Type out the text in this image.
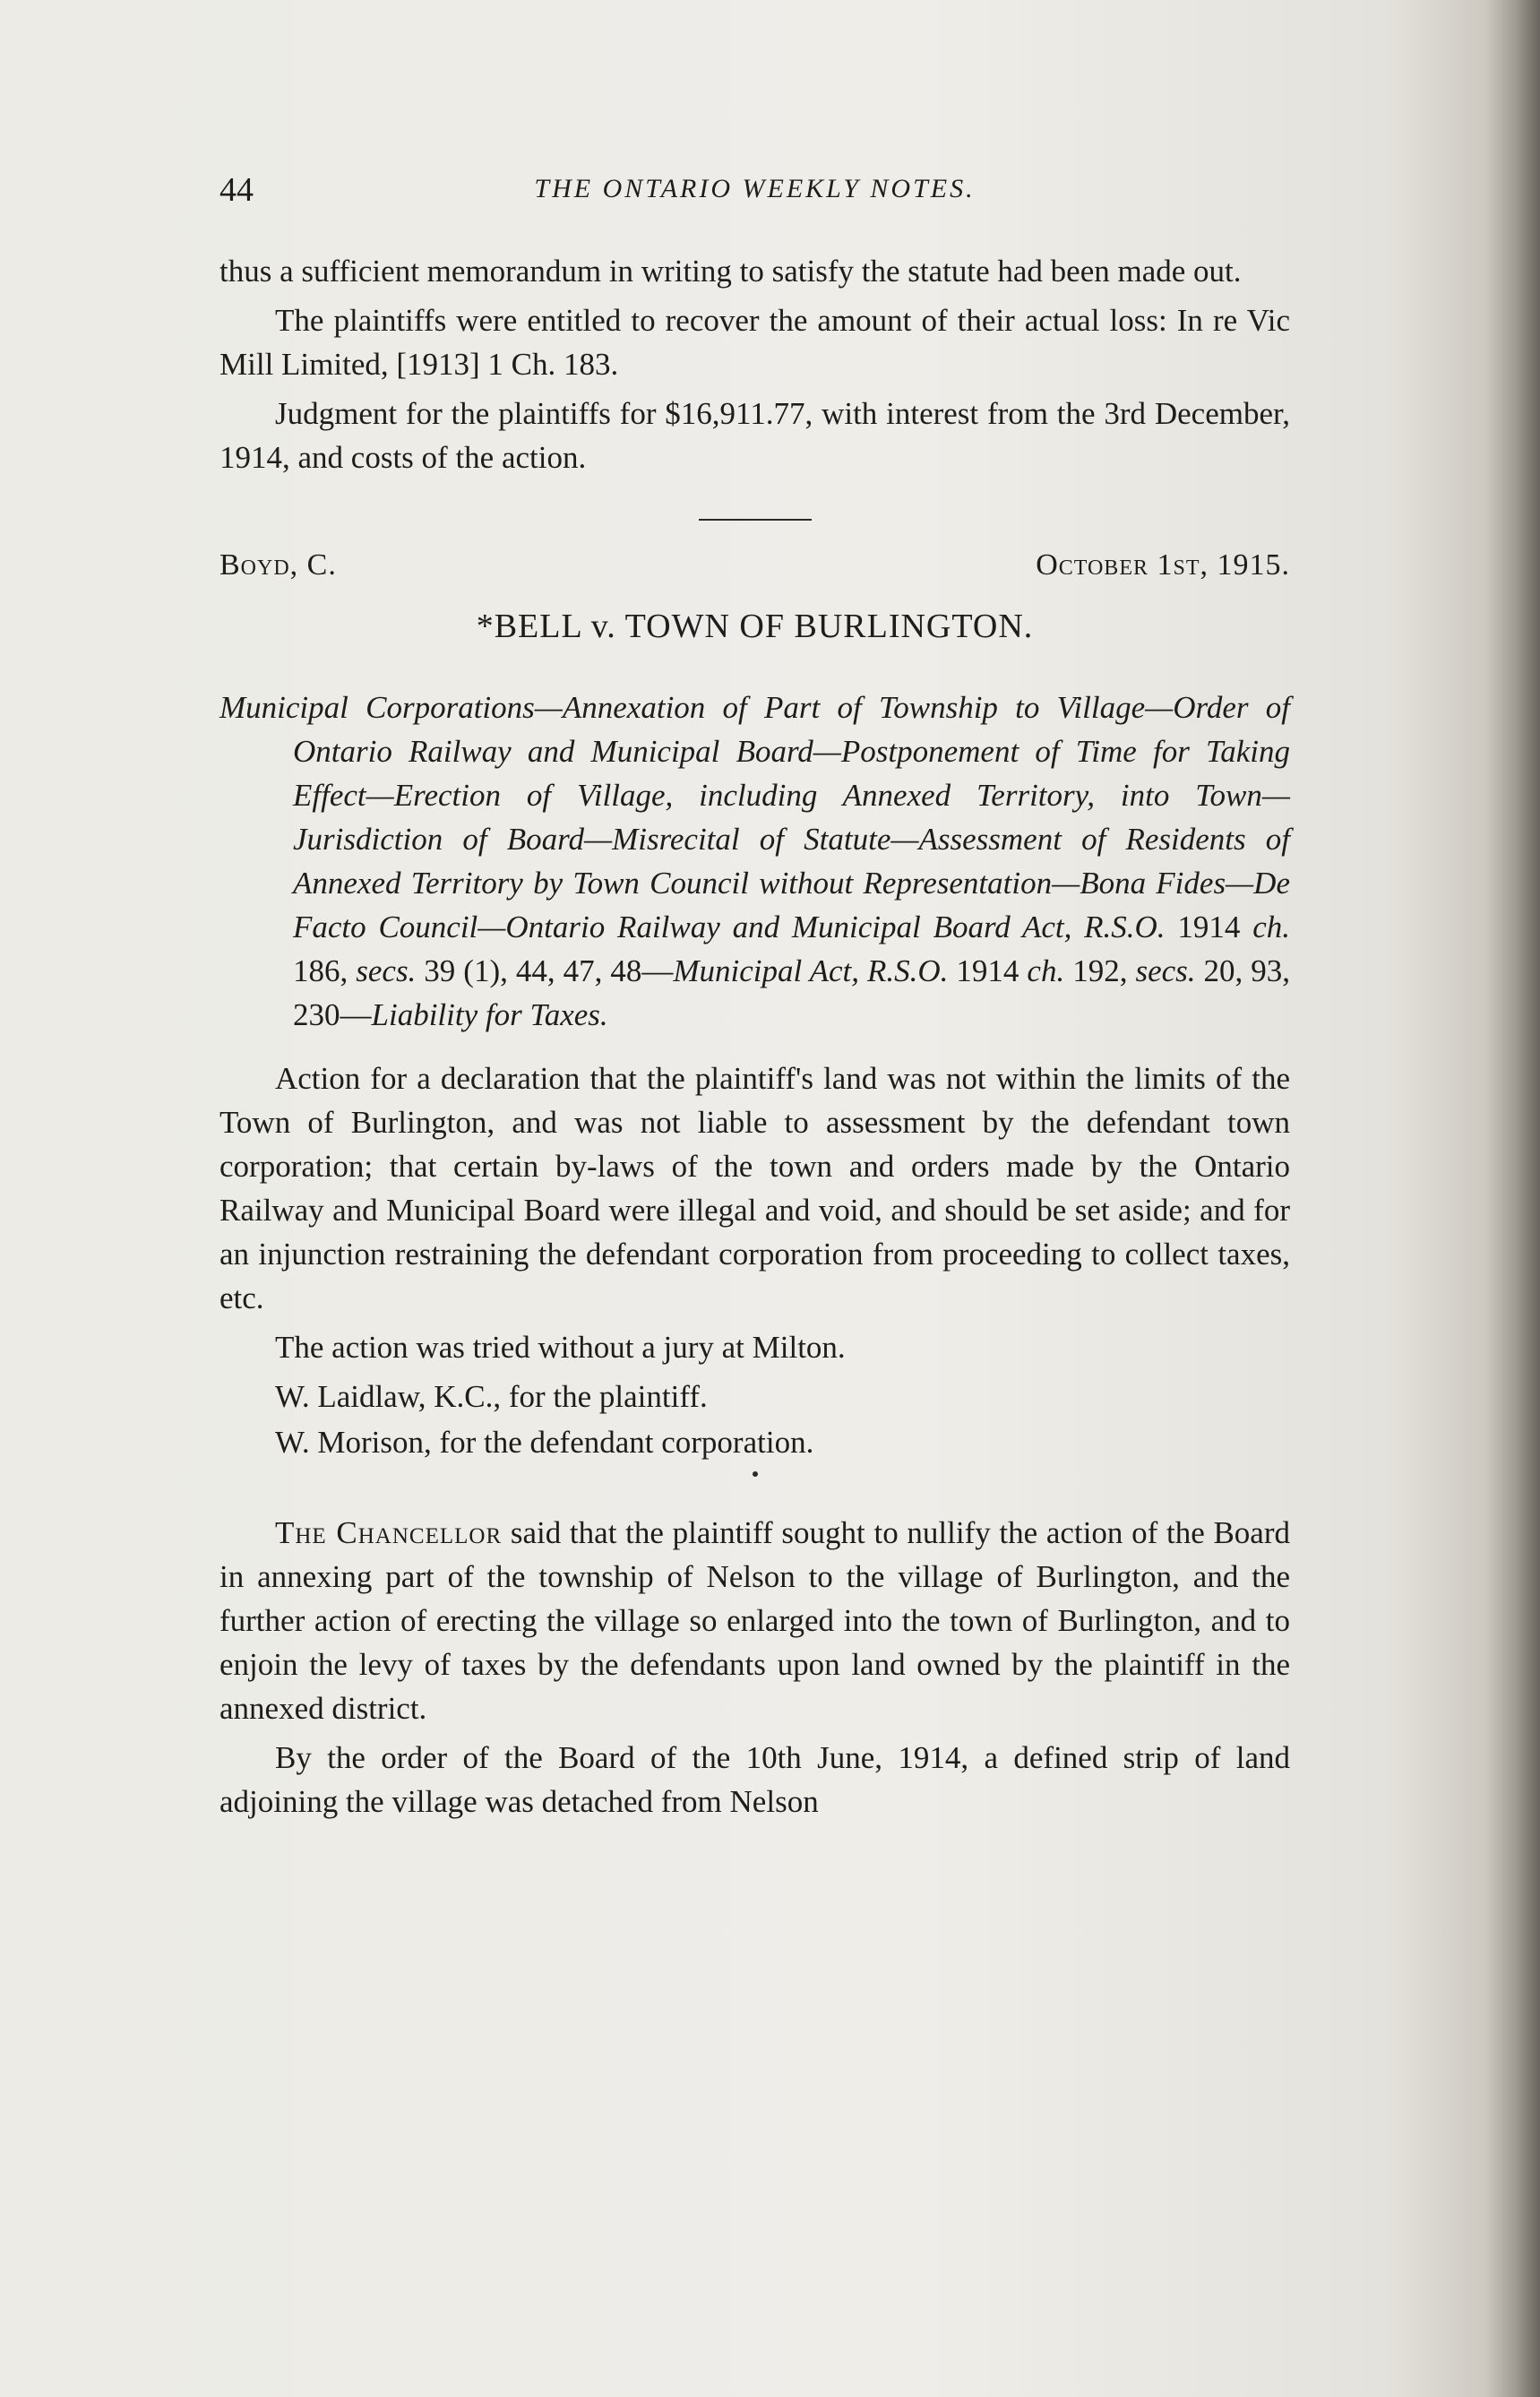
44	THE ONTARIO WEEKLY NOTES.

thus a sufficient memorandum in writing to satisfy the statute had been made out.

The plaintiffs were entitled to recover the amount of their actual loss: In re Vic Mill Limited, [1913] 1 Ch. 183.

Judgment for the plaintiffs for $16,911.77, with interest from the 3rd December, 1914, and costs of the action.

Boyd, C.	October 1st, 1915.
*BELL v. TOWN OF BURLINGTON.
Municipal Corporations—Annexation of Part of Township to Village—Order of Ontario Railway and Municipal Board—Postponement of Time for Taking Effect—Erection of Village, including Annexed Territory, into Town—Jurisdiction of Board—Misrecital of Statute—Assessment of Residents of Annexed Territory by Town Council without Representation—Bona Fides—De Facto Council—Ontario Railway and Municipal Board Act, R.S.O. 1914 ch. 186, secs. 39 (1), 44, 47, 48—Municipal Act, R.S.O. 1914 ch. 192, secs. 20, 93, 230—Liability for Taxes.

Action for a declaration that the plaintiff's land was not within the limits of the Town of Burlington, and was not liable to assessment by the defendant town corporation; that certain by-laws of the town and orders made by the Ontario Railway and Municipal Board were illegal and void, and should be set aside; and for an injunction restraining the defendant corporation from proceeding to collect taxes, etc.

The action was tried without a jury at Milton.

W. Laidlaw, K.C., for the plaintiff.

W. Morison, for the defendant corporation.

The Chancellor said that the plaintiff sought to nullify the action of the Board in annexing part of the township of Nelson to the village of Burlington, and the further action of erecting the village so enlarged into the town of Burlington, and to enjoin the levy of taxes by the defendants upon land owned by the plaintiff in the annexed district.

By the order of the Board of the 10th June, 1914, a defined strip of land adjoining the village was detached from Nelson
